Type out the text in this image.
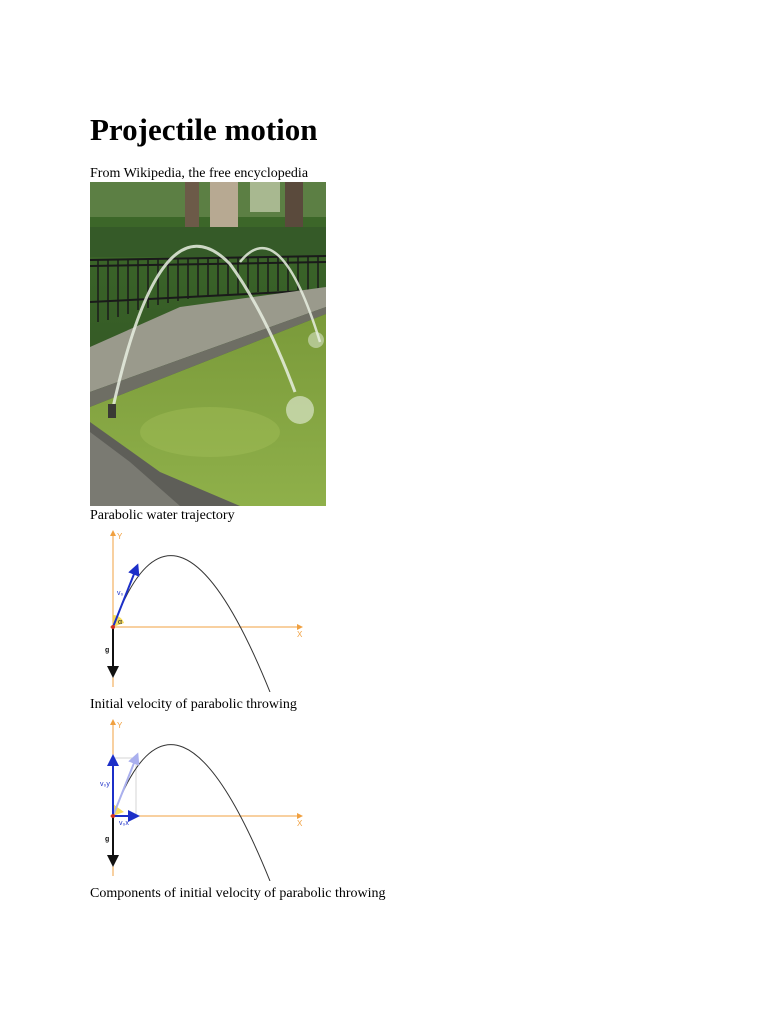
Projectile motion
From Wikipedia, the free encyclopedia
Parabolic water trajectory
Y
X
α
v₀
g
Initial velocity of parabolic throwing
Y
X
v₀y
v₀x
g
Components of initial velocity of parabolic throwing
